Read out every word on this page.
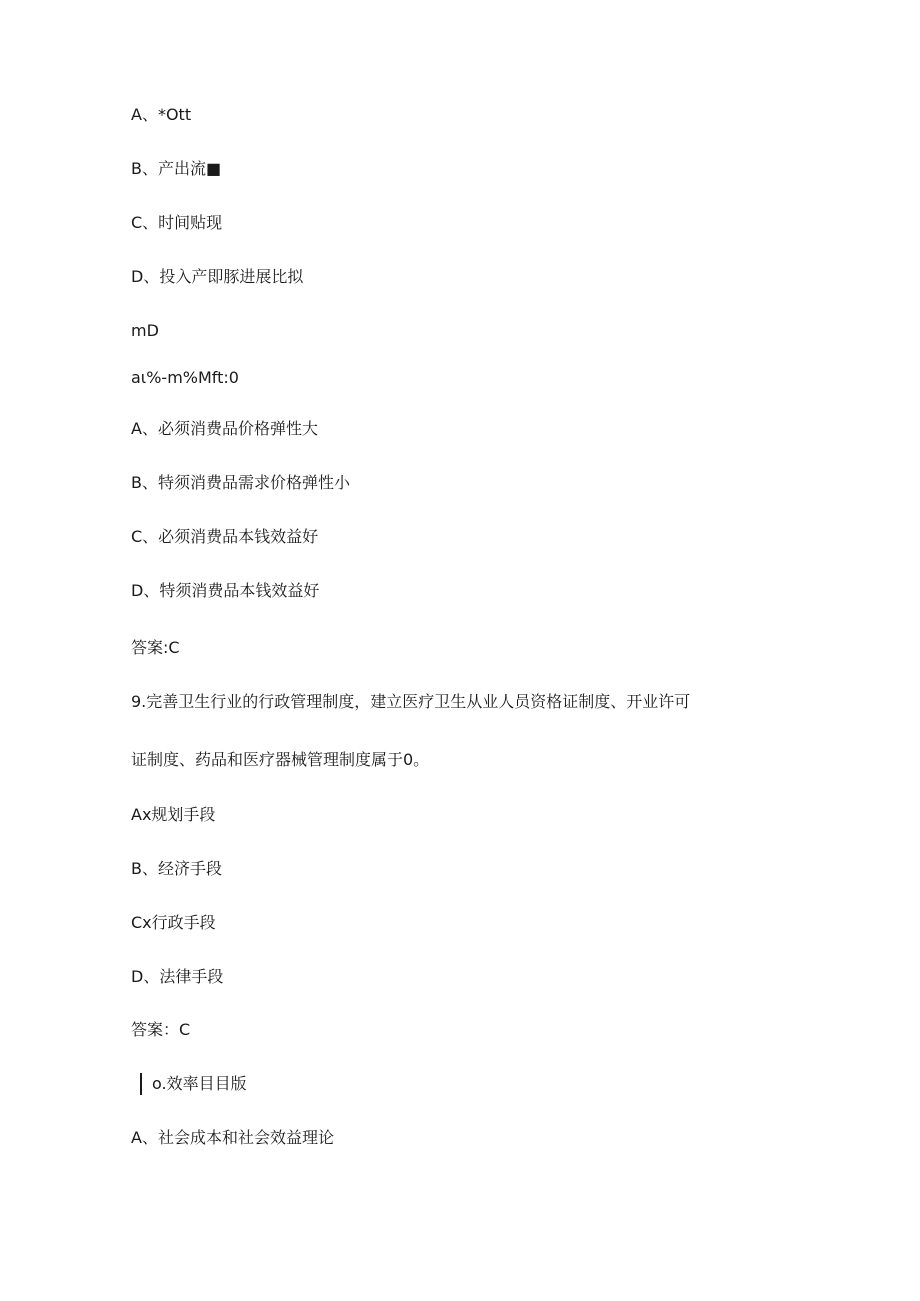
A、*Ott
B、产出流■
C、时间贴现
D、投入产即豚进展比拟
mD
aι%-m%Mft:0
A、必须消费品价格弹性大
B、特须消费品需求价格弹性小
C、必须消费品本钱效益好
D、特须消费品本钱效益好
答案:C
9.完善卫生行业的行政管理制度，建立医疗卫生从业人员资格证制度、开业许可
证制度、药品和医疗器械管理制度属于0。
Ax规划手段
B、经济手段
Cx行政手段
D、法律手段
答案：C
o.效率目目版
A、社会成本和社会效益理论
